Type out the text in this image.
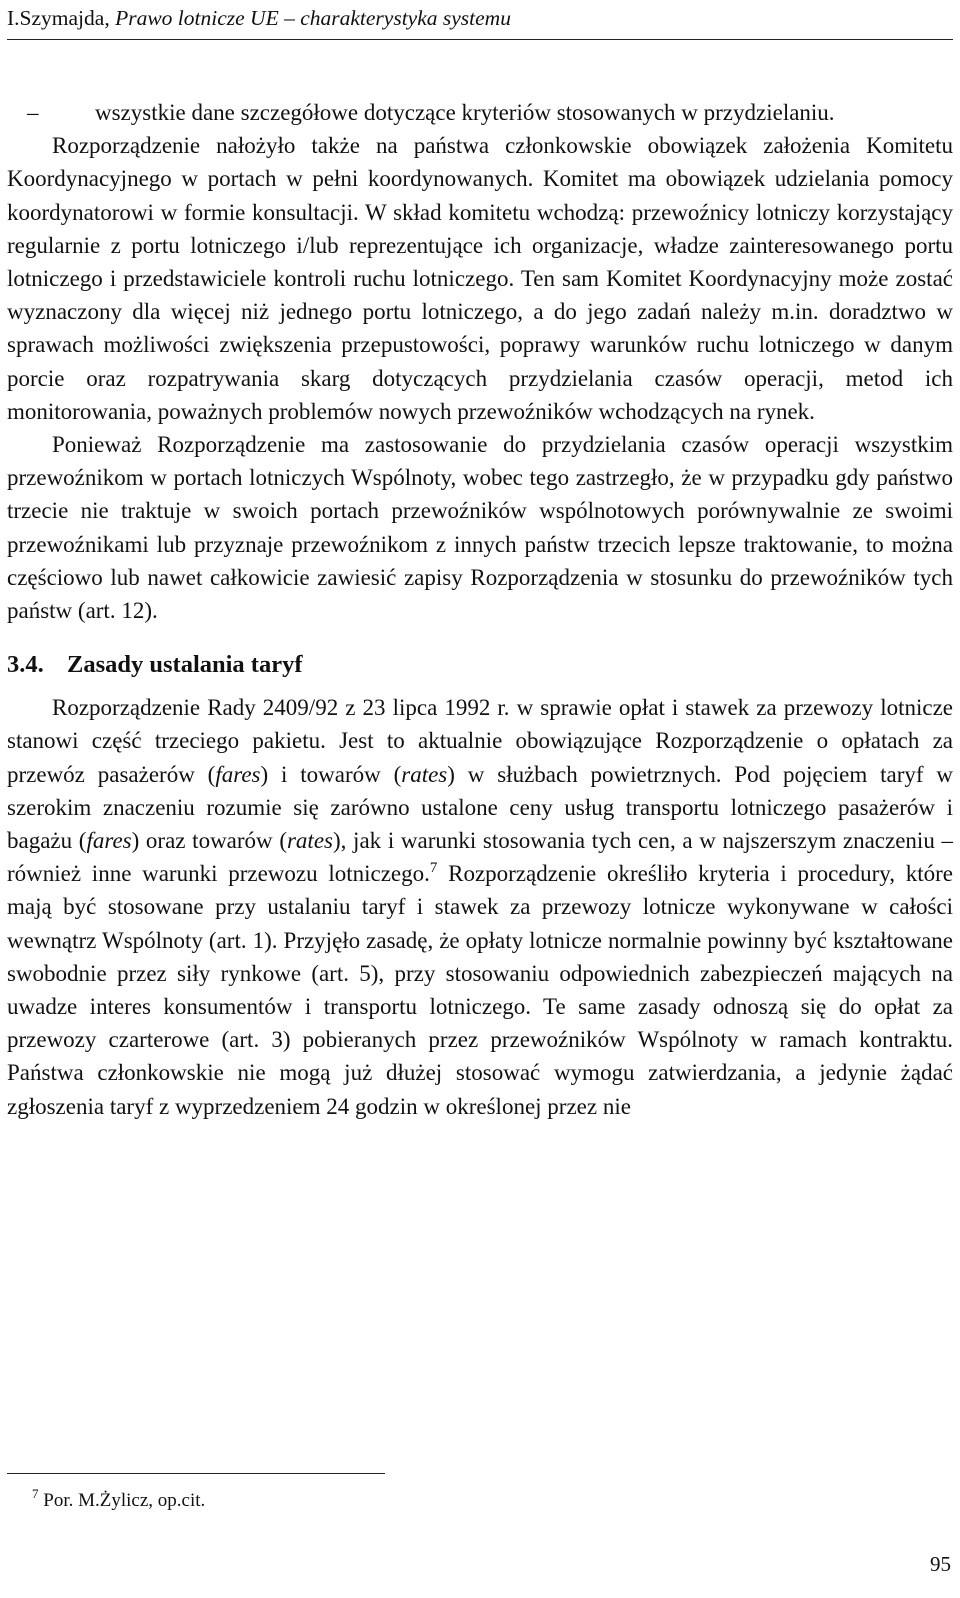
I.Szymajda, Prawo lotnicze UE – charakterystyka systemu

– wszystkie dane szczegółowe dotyczące kryteriów stosowanych w przydzielaniu.

Rozporządzenie nałożyło także na państwa członkowskie obowiązek założenia Komitetu Koordynacyjnego w portach w pełni koordynowanych. Komitet ma obowiązek udzielania pomocy koordynatorowi w formie konsultacji. W skład komitetu wchodzą: przewoźnicy lotniczy korzystający regularnie z portu lotniczego i/lub reprezentujące ich organizacje, władze zainteresowanego portu lotniczego i przedstawiciele kontroli ruchu lotniczego. Ten sam Komitet Koordynacyjny może zostać wyznaczony dla więcej niż jednego portu lotniczego, a do jego zadań należy m.in. doradztwo w sprawach możliwości zwiększenia przepustowości, poprawy warunków ruchu lotniczego w danym porcie oraz rozpatrywania skarg dotyczących przydzielania czasów operacji, metod ich monitorowania, poważnych problemów nowych przewoźników wchodzących na rynek.

Ponieważ Rozporządzenie ma zastosowanie do przydzielania czasów operacji wszystkim przewoźnikom w portach lotniczych Wspólnoty, wobec tego zastrzegło, że w przypadku gdy państwo trzecie nie traktuje w swoich portach przewoźników wspólnotowych porównywalnie ze swoimi przewoźnikami lub przyznaje przewoźnikom z innych państw trzecich lepsze traktowanie, to można częściowo lub nawet całkowicie zawiesić zapisy Rozporządzenia w stosunku do przewoźników tych państw (art. 12).

3.4. Zasady ustalania taryf

Rozporządzenie Rady 2409/92 z 23 lipca 1992 r. w sprawie opłat i stawek za przewozy lotnicze stanowi część trzeciego pakietu. Jest to aktualnie obowiązujące Rozporządzenie o opłatach za przewóz pasażerów (fares) i towarów (rates) w służbach powietrznych. Pod pojęciem taryf w szerokim znaczeniu rozumie się zarówno ustalone ceny usług transportu lotniczego pasażerów i bagażu (fares) oraz towarów (rates), jak i warunki stosowania tych cen, a w najszerszym znaczeniu – również inne warunki przewozu lotniczego.$^7$ Rozporządzenie określiło kryteria i procedury, które mają być stosowane przy ustalaniu taryf i stawek za przewozy lotnicze wykonywane w całości wewnątrz Wspólnoty (art. 1). Przyjęło zasadę, że opłaty lotnicze normalnie powinny być kształtowane swobodnie przez siły rynkowe (art. 5), przy stosowaniu odpowiednich zabezpieczeń mających na uwadze interes konsumentów i transportu lotniczego. Te same zasady odnoszą się do opłat za przewozy czarterowe (art. 3) pobieranych przez przewoźników Wspólnoty w ramach kontraktu. Państwa członkowskie nie mogą już dłużej stosować wymogu zatwierdzania, a jedynie żądać zgłoszenia taryf z wyprzedzeniem 24 godzin w określonej przez nie

$^7$ Por. M.Żylicz, op.cit.
95
